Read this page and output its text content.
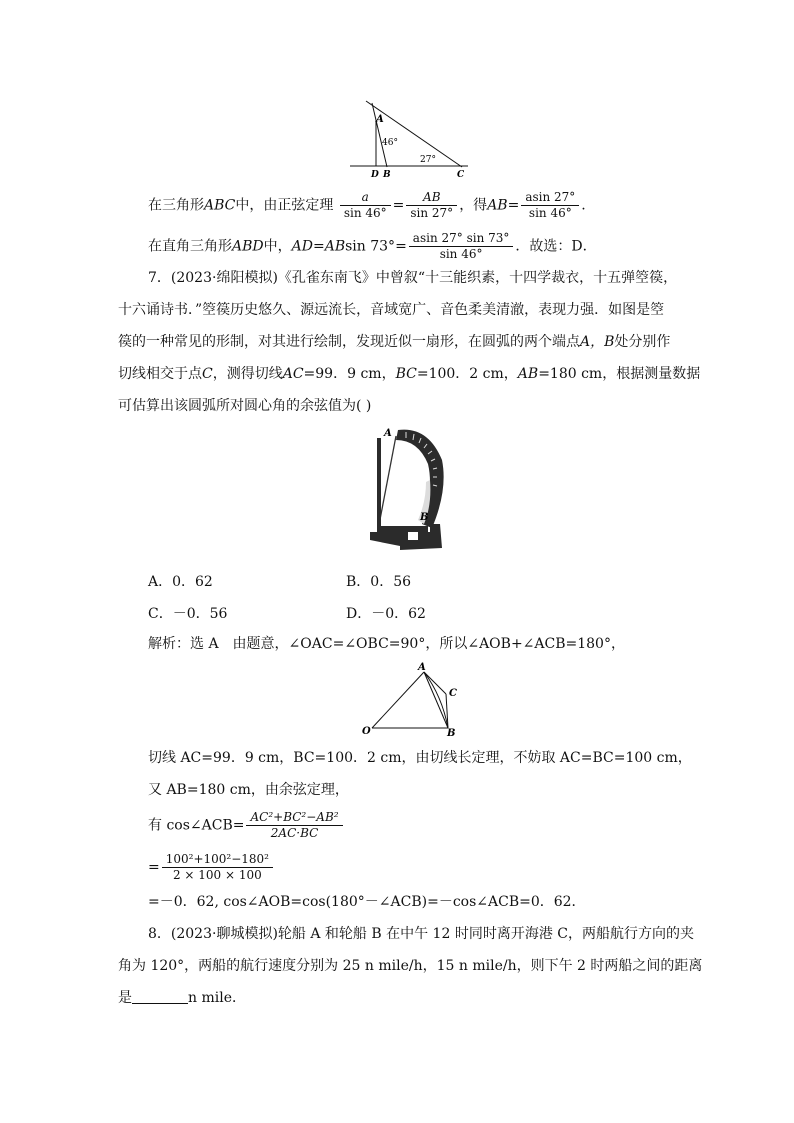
A
46°
27°
D B	C
在三角形ABC中，由正弦定理 $\frac{a}{\sin 46^\circ} = \frac{AB}{\sin 27^\circ}$ ，得$AB= \frac{asin 27^\circ}{\sin 46^\circ}$ .
在直角三角形ABD中，AD=ABsin $73^\circ= \frac{asin 27^\circ \sin 73^\circ}{\sin 46^\circ}$ ．故选：D．
7．(2023·绵阳模拟)《孔雀东南飞》中曾叙“十三能织素，十四学裁衣，十五弹箜篌，
十六诵诗书．”箜篌历史悠久、源远流长，音域宽广、音色柔美清澈，表现力强．如图是箜
篌的一种常见的形制，对其进行绘制，发现近似一扇形，在圆弧的两个端点A，B处分别作
切线相交于点C，测得切线AC=99．9 cm，BC=100．2 cm，AB=180 cm，根据测量数据
可估算出该圆弧所对圆心角的余弦值为( )
A
B
A．0．62	B．0．56
C．－0．56	D．－0．62
解析：选 A　由题意，∠OAC=∠OBC=90°，所以∠AOB+∠ACB=180°，
A
C
O	B
切线 AC=99．9 cm，BC=100．2 cm，由切线长定理，不妨取 AC=BC=100 cm，
又 AB=180 cm，由余弦定理，
有 cos∠ACB= $\frac{\text{AC²+BC²−AB²}}{2AC\cdot BC}$
= $\frac{\text{100²+100²−180²}}{2 \times 100 \times 100}$
=－0．62, cos∠AOB=cos(180°－∠ACB)=－cos∠ACB=0．62．
8．(2023·聊城模拟)轮船 A 和轮船 B 在中午 12 时同时离开海港 C，两船航行方向的夹
角为 120°，两船的航行速度分别为 25 n mile/h，15 n mile/h，则下午 2 时两船之间的距离
是	n mile．
